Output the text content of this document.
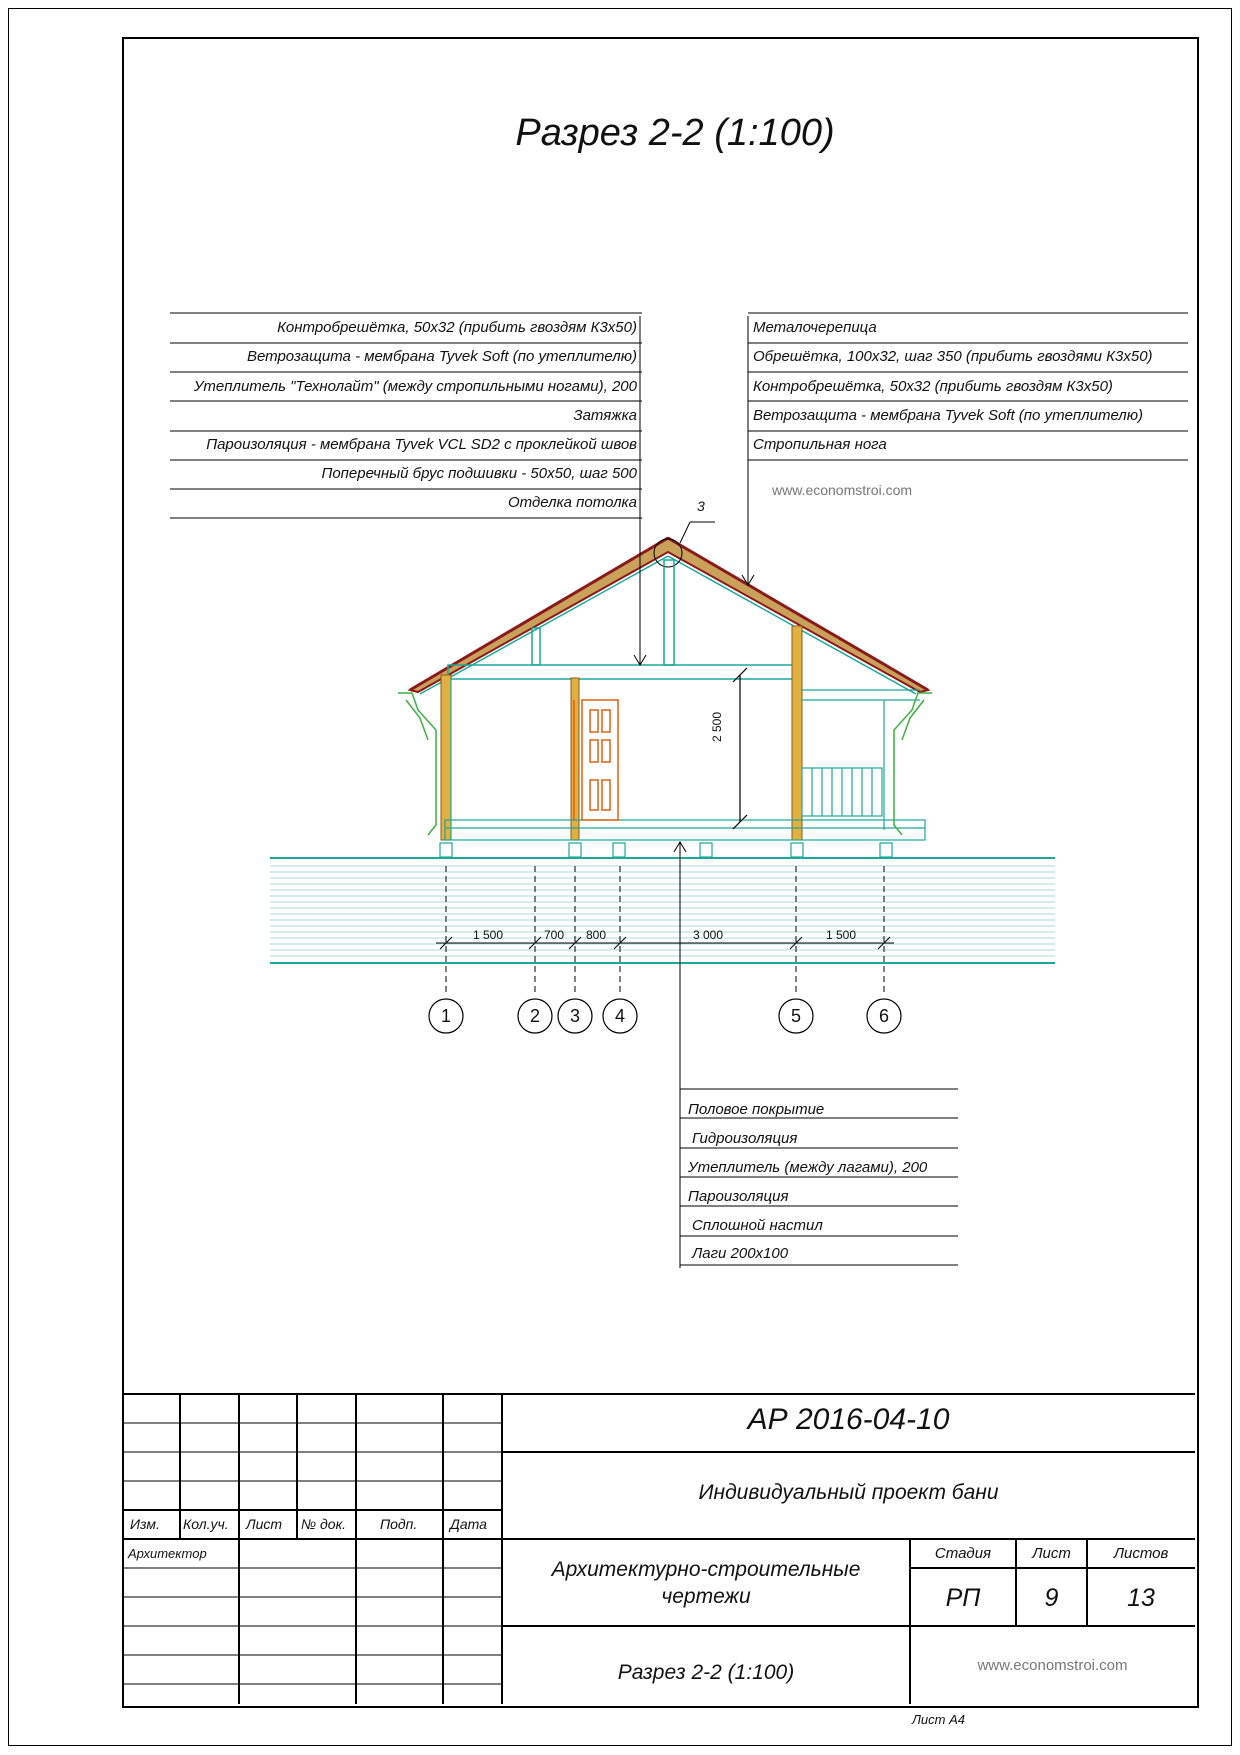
Разрез 2-2 (1:100)
3
2 500
1 500	700 800	3 000	1 500
1	2 3 4	5	6
Контробрешётка, 50х32 (прибить гвоздям К3х50)
Ветрозащита - мембрана Tyvek Soft (по утеплителю)
Утеплитель "Технолайт" (между стропильными ногами), 200
Затяжка
Пароизоляция - мембрана Tyvek VCL SD2 с проклейкой швов
Поперечный брус подшивки - 50х50, шаг 500
Отделка потолка
Металочерепица
Обрешётка, 100х32, шаг 350 (прибить гвоздями К3х50)
Контробрешётка, 50х32 (прибить гвоздям К3х50)
Ветрозащита - мембрана Tyvek Soft (по утеплителю)
Стропильная нога
www.economstroi.com
Половое покрытие
Гидроизоляция
Утеплитель (между лагами), 200
Пароизоляция
Сплошной настил
Лаги 200х100
АР 2016-04-10
Индивидуальный проект бани
Архитектурно-строительные
чертежи
Разрез 2-2 (1:100)
Изм. Кол.уч. Лист № док. Подп. Дата
Архитектор	Стадия	Лист	Листов
РП	9	13
www.economstroi.com
Лист А4
